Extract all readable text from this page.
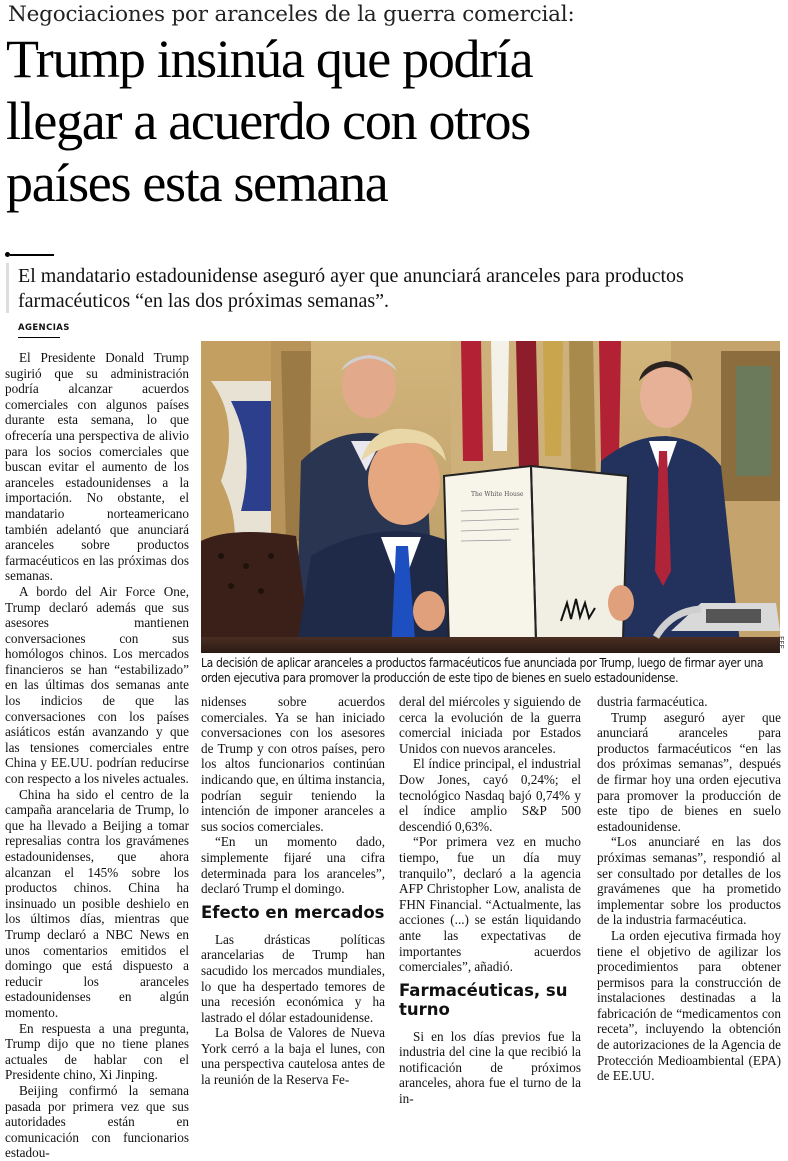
Negociaciones por aranceles de la guerra comercial:
Trump insinúa que podría
llegar a acuerdo con otros
países esta semana
El mandatario estadounidense aseguró ayer que anunciará aranceles para productos farmacéuticos “en las dos próximas semanas”.
AGENCIAS

El Presidente Donald Trump sugirió que su administración podría alcanzar acuerdos comerciales con algunos países durante esta semana, lo que ofrecería una perspectiva de alivio para los socios comerciales que buscan evitar el aumento de los aranceles estadounidenses a la importación. No obstante, el mandatario norteamericano también adelantó que anunciará aranceles sobre productos farmacéuticos en las próximas dos semanas.

A bordo del Air Force One, Trump declaró además que sus asesores mantienen conversaciones con sus homólogos chinos. Los mercados financieros se han “estabilizado” en las últimas dos semanas ante los indicios de que las conversaciones con los países asiáticos están avanzando y que las tensiones comerciales entre China y EE.UU. podrían reducirse con respecto a los niveles actuales.

China ha sido el centro de la campaña arancelaria de Trump, lo que ha llevado a Beijing a tomar represalias contra los gravámenes estadounidenses, que ahora alcanzan el 145% sobre los productos chinos. China ha insinuado un posible deshielo en los últimos días, mientras que Trump declaró a NBC News en unos comentarios emitidos el domingo que está dispuesto a reducir los aranceles estadounidenses en algún momento.

En respuesta a una pregunta, Trump dijo que no tiene planes actuales de hablar con el Presidente chino, Xi Jinping.

Beijing confirmó la semana pasada por primera vez que sus autoridades están en comunicación con funcionarios estadou-

The White House
EFE
La decisión de aplicar aranceles a productos farmacéuticos fue anunciada por Trump, luego de firmar ayer una orden ejecutiva para promover la producción de este tipo de bienes en suelo estadounidense.

nidenses sobre acuerdos comerciales. Ya se han iniciado conversaciones con los asesores de Trump y con otros países, pero los altos funcionarios continúan indicando que, en última instancia, podrían seguir teniendo la intención de imponer aranceles a sus socios comerciales.

“En un momento dado, simplemente fijaré una cifra determinada para los aranceles”, declaró Trump el domingo.

Efecto en mercados

Las drásticas políticas arancelarias de Trump han sacudido los mercados mundiales, lo que ha despertado temores de una recesión económica y ha lastrado el dólar estadounidense.

La Bolsa de Valores de Nueva York cerró a la baja el lunes, con una perspectiva cautelosa antes de la reunión de la Reserva Fe-

deral del miércoles y siguiendo de cerca la evolución de la guerra comercial iniciada por Estados Unidos con nuevos aranceles.

El índice principal, el industrial Dow Jones, cayó 0,24%; el tecnológico Nasdaq bajó 0,74% y el índice amplio S&P 500 descendió 0,63%.

“Por primera vez en mucho tiempo, fue un día muy tranquilo”, declaró a la agencia AFP Christopher Low, analista de FHN Financial. “Actualmente, las acciones (...) se están liquidando ante las expectativas de importantes acuerdos comerciales”, añadió.

Farmacéuticas, su turno

Si en los días previos fue la industria del cine la que recibió la notificación de próximos aranceles, ahora fue el turno de la in-

dustria farmacéutica.

Trump aseguró ayer que anunciará aranceles para productos farmacéuticos “en las dos próximas semanas”, después de firmar hoy una orden ejecutiva para promover la producción de este tipo de bienes en suelo estadounidense.

“Los anunciaré en las dos próximas semanas”, respondió al ser consultado por detalles de los gravámenes que ha prometido implementar sobre los productos de la industria farmacéutica.

La orden ejecutiva firmada hoy tiene el objetivo de agilizar los procedimientos para obtener permisos para la construcción de instalaciones destinadas a la fabricación de “medicamentos con receta”, incluyendo la obtención de autorizaciones de la Agencia de Protección Medioambiental (EPA) de EE.UU.
